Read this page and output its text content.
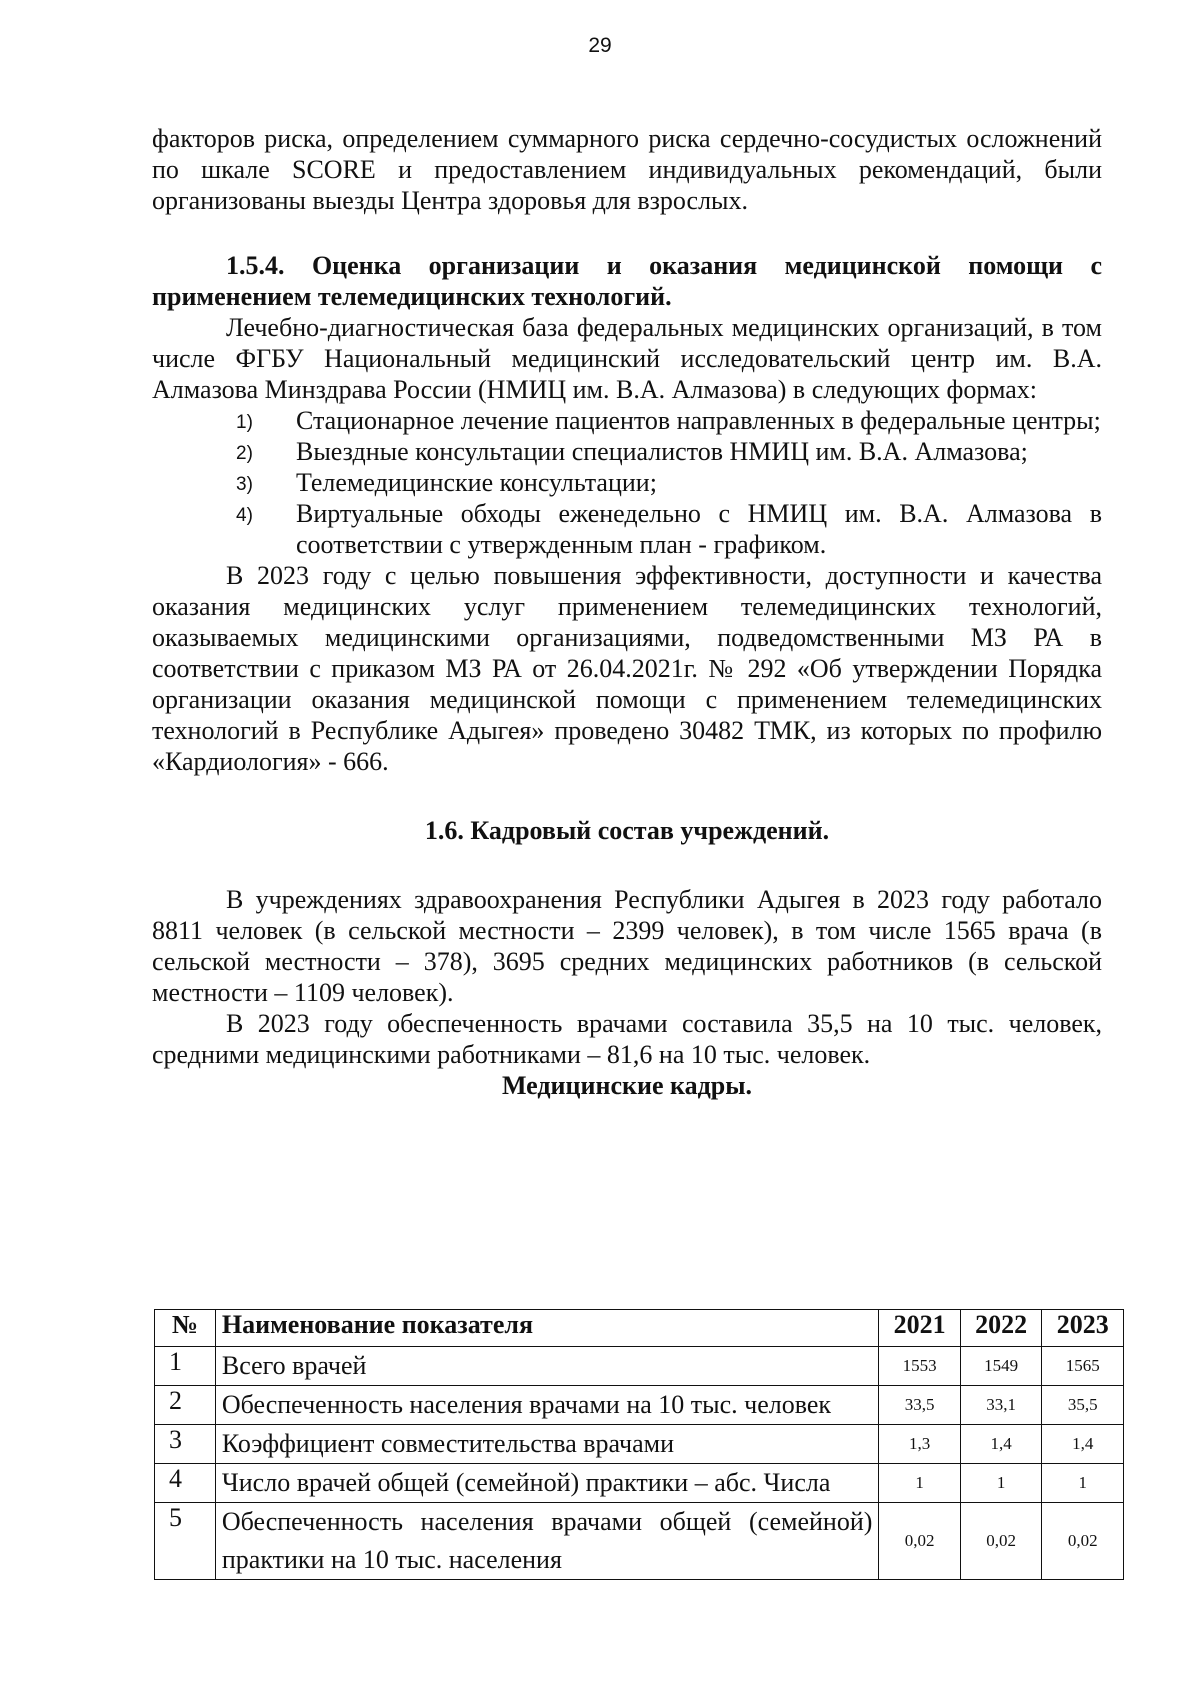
29

факторов риска, определением суммарного риска сердечно-сосудистых осложнений по шкале SCORE и предоставлением индивидуальных рекомендаций, были организованы выезды Центра здоровья для взрослых.

1.5.4. Оценка организации и оказания медицинской помощи с применением телемедицинских технологий.

Лечебно-диагностическая база федеральных медицинских организаций, в том числе ФГБУ Национальный медицинский исследовательский центр им. В.А. Алмазова Минздрава России (НМИЦ им. В.А. Алмазова) в следующих формах:

1) Стационарное лечение пациентов направленных в федеральные центры;
2) Выездные консультации специалистов НМИЦ им. В.А. Алмазова;
3) Телемедицинские консультации;
4) Виртуальные обходы еженедельно с НМИЦ им. В.А. Алмазова в соответствии с утвержденным план - графиком.

В 2023 году с целью повышения эффективности, доступности и качества оказания медицинских услуг применением телемедицинских технологий, оказываемых медицинскими организациями, подведомственными МЗ РА в соответствии с приказом МЗ РА от 26.04.2021г. № 292 «Об утверждении Порядка организации оказания медицинской помощи с применением телемедицинских технологий в Республике Адыгея» проведено 30482 ТМК, из которых по профилю «Кардиология» - 666.

1.6. Кадровый состав учреждений.

В учреждениях здравоохранения Республики Адыгея в 2023 году работало 8811 человек (в сельской местности – 2399 человек), в том числе 1565 врача (в сельской местности – 378), 3695 средних медицинских работников (в сельской местности – 1109 человек).

В 2023 году обеспеченность врачами составила 35,5 на 10 тыс. человек, средними медицинскими работниками – 81,6 на 10 тыс. человек.

Медицинские кадры.

№	Наименование показателя	2021	2022	2023
1	Всего врачей	1553	1549	1565
2	Обеспеченность населения врачами на 10 тыс. человек	33,5	33,1	35,5
3	Коэффициент совместительства врачами	1,3	1,4	1,4
4	Число врачей общей (семейной) практики – абс. Числа	1	1	1
5	Обеспеченность населения врачами общей (семейной) практики на 10 тыс. населения	0,02	0,02	0,02
